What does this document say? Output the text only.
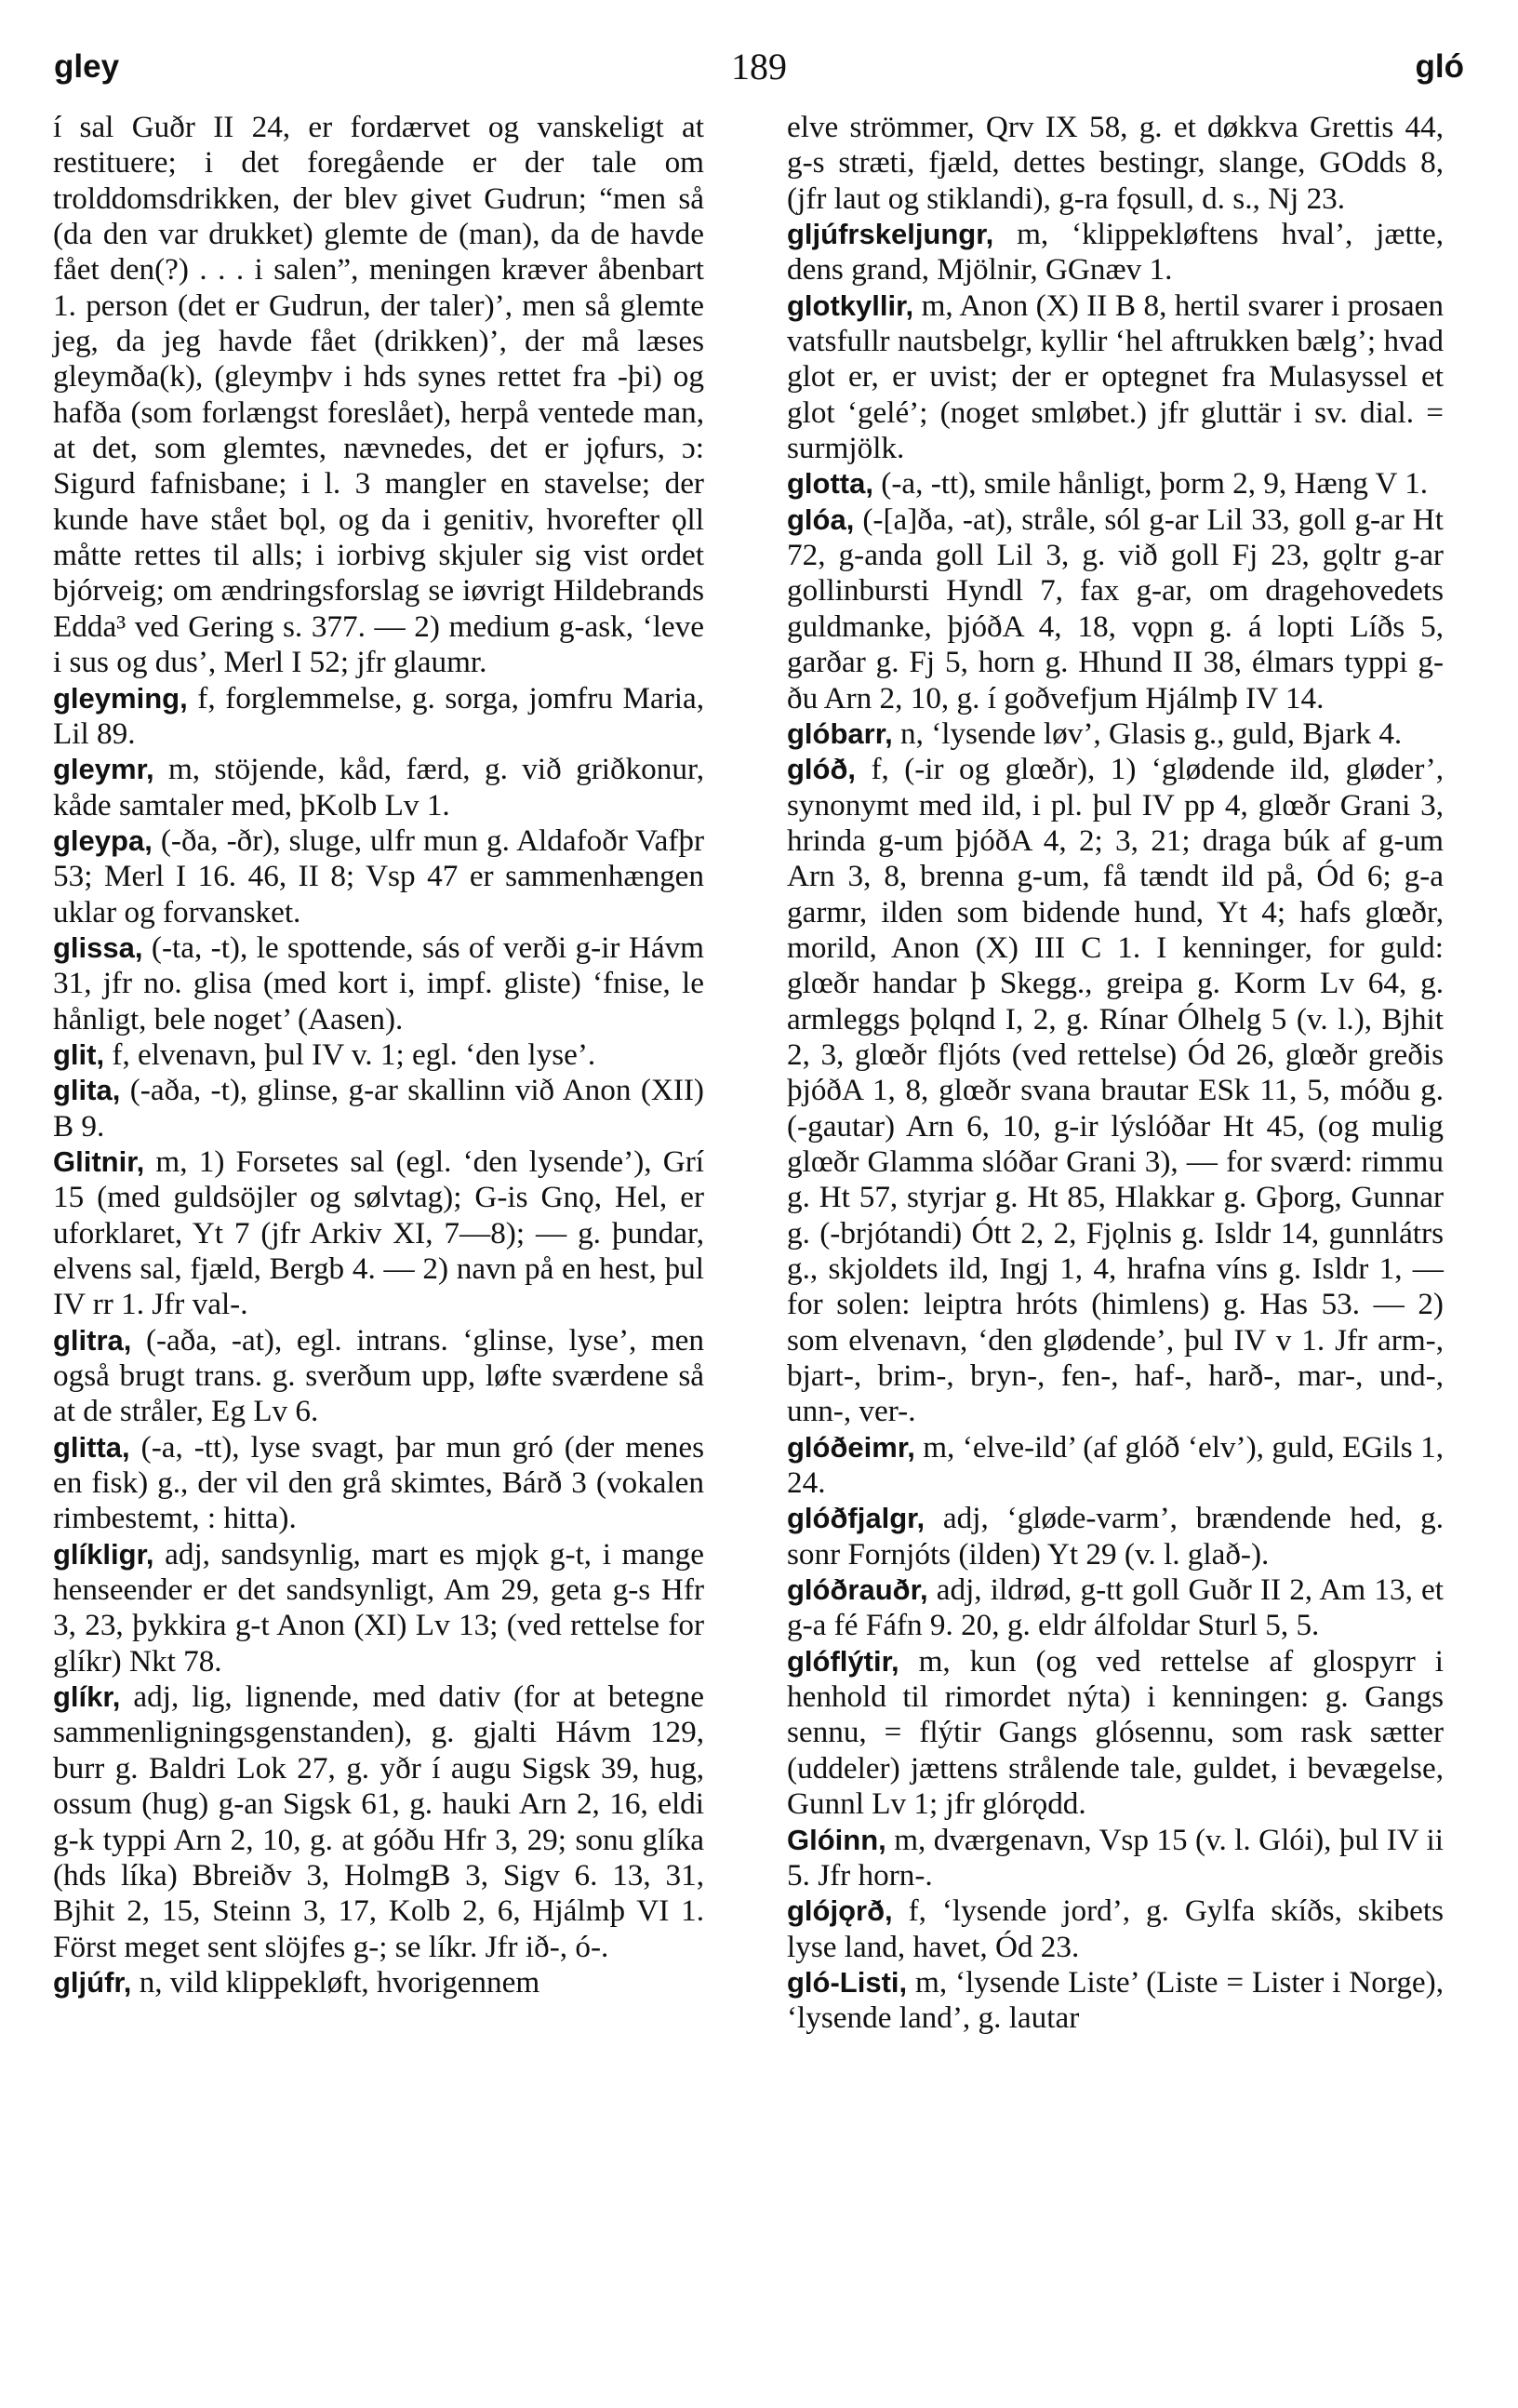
gley	189	gló

í sal Guðr II 24, er fordærvet og vanskeligt at restituere; i det foregående er der tale om trolddomsdrikken, der blev givet Gudrun; “men så (da den var drukket) glemte de (man), da de havde fået den(?) . . . i salen”, meningen kræver åbenbart 1. person (det er Gudrun, der taler)’, men så glemte jeg, da jeg havde fået (drikken)’, der må læses gleymða(k), (gleymþv i hds synes rettet fra -þi) og hafða (som forlængst foreslået), herpå ventede man, at det, som glemtes, nævnedes, det er jǫfurs, ɔ: Sigurd fafnisbane; i l. 3 mangler en stavelse; der kunde have stået bǫl, og da i genitiv, hvorefter ǫll måtte rettes til alls; i iorbivg skjuler sig vist ordet bjórveig; om ændringsforslag se iøvrigt Hildebrands Edda³ ved Gering s. 377. — 2) medium g-ask, ‘leve i sus og dus’, Merl I 52; jfr glaumr.

gleyming, f, forglemmelse, g. sorga, jomfru Maria, Lil 89.

gleymr, m, stöjende, kåd, færd, g. við griðkonur, kåde samtaler med, þKolb Lv 1.

gleypa, (-ða, -ðr), sluge, ulfr mun g. Aldafoðr Vafþr 53; Merl I 16. 46, II 8; Vsp 47 er sammenhængen uklar og forvansket.

glissa, (-ta, -t), le spottende, sás of verði g-ir Hávm 31, jfr no. glisa (med kort i, impf. gliste) ‘fnise, le hånligt, bele noget’ (Aasen).

glit, f, elvenavn, þul IV v. 1; egl. ‘den lyse’.

glita, (-aða, -t), glinse, g-ar skallinn við Anon (XII) B 9.

Glitnir, m, 1) Forsetes sal (egl. ‘den lysende’), Grí 15 (med guldsöjler og sølvtag); G-is Gnǫ, Hel, er uforklaret, Yt 7 (jfr Arkiv XI, 7—8); — g. þundar, elvens sal, fjæld, Bergb 4. — 2) navn på en hest, þul IV rr 1. Jfr val-.

glitra, (-aða, -at), egl. intrans. ‘glinse, lyse’, men også brugt trans. g. sverðum upp, løfte sværdene så at de stråler, Eg Lv 6.

glitta, (-a, -tt), lyse svagt, þar mun gró (der menes en fisk) g., der vil den grå skimtes, Bárð 3 (vokalen rimbestemt, : hitta).

glíkligr, adj, sandsynlig, mart es mjǫk g-t, i mange henseender er det sandsynligt, Am 29, geta g-s Hfr 3, 23, þykkira g-t Anon (XI) Lv 13; (ved rettelse for glíkr) Nkt 78.

glíkr, adj, lig, lignende, med dativ (for at betegne sammenligningsgenstanden), g. gjalti Hávm 129, burr g. Baldri Lok 27, g. yðr í augu Sigsk 39, hug, ossum (hug) g-an Sigsk 61, g. hauki Arn 2, 16, eldi g-k typpi Arn 2, 10, g. at góðu Hfr 3, 29; sonu glíka (hds líka) Bbreiðv 3, HolmgB 3, Sigv 6. 13, 31, Bjhit 2, 15, Steinn 3, 17, Kolb 2, 6, Hjálmþ VI 1. Först meget sent slöjfes g-; se líkr. Jfr ið-, ó-.

gljúfr, n, vild klippekløft, hvorigennem

elve strömmer, Qrv IX 58, g. et døkkva Grettis 44, g-s stræti, fjæld, dettes bestingr, slange, GOdds 8, (jfr laut og stiklandi), g-ra fǫsull, d. s., Nj 23.

gljúfrskeljungr, m, ‘klippekløftens hval’, jætte, dens grand, Mjölnir, GGnæv 1.

glotkyllir, m, Anon (X) II B 8, hertil svarer i prosaen vatsfullr nautsbelgr, kyllir ‘hel aftrukken bælg’; hvad glot er, er uvist; der er optegnet fra Mulasyssel et glot ‘gelé’; (noget smløbet.) jfr gluttär i sv. dial. = surmjölk.

glotta, (-a, -tt), smile hånligt, þorm 2, 9, Hæng V 1.

glóa, (-[a]ða, -at), stråle, sól g-ar Lil 33, goll g-ar Ht 72, g-anda goll Lil 3, g. við goll Fj 23, gǫltr g-ar gollinbursti Hyndl 7, fax g-ar, om dragehovedets guldmanke, þjóðA 4, 18, vǫpn g. á lopti Líðs 5, garðar g. Fj 5, horn g. Hhund II 38, élmars typpi g-ðu Arn 2, 10, g. í goðvefjum Hjálmþ IV 14.

glóbarr, n, ‘lysende løv’, Glasis g., guld, Bjark 4.

glóð, f, (-ir og glœðr), 1) ‘glødende ild, gløder’, synonymt med ild, i pl. þul IV pp 4, glœðr Grani 3, hrinda g-um þjóðA 4, 2; 3, 21; draga búk af g-um Arn 3, 8, brenna g-um, få tændt ild på, Ód 6; g-a garmr, ilden som bidende hund, Yt 4; hafs glœðr, morild, Anon (X) III C 1. I kenninger, for guld: glœðr handar þ Skegg., greipa g. Korm Lv 64, g. armleggs þǫlqnd I, 2, g. Rínar Ólhelg 5 (v. l.), Bjhit 2, 3, glœðr fljóts (ved rettelse) Ód 26, glœðr greðis þjóðA 1, 8, glœðr svana brautar ESk 11, 5, móðu g. (-gautar) Arn 6, 10, g-ir lýslóðar Ht 45, (og mulig glœðr Glamma slóðar Grani 3), — for sværd: rimmu g. Ht 57, styrjar g. Ht 85, Hlakkar g. Gþorg, Gunnar g. (-brjótandi) Ótt 2, 2, Fjǫlnis g. Isldr 14, gunnlátrs g., skjoldets ild, Ingj 1, 4, hrafna víns g. Isldr 1, — for solen: leiptra hróts (himlens) g. Has 53. — 2) som elvenavn, ‘den glødende’, þul IV v 1. Jfr arm-, bjart-, brim-, bryn-, fen-, haf-, harð-, mar-, und-, unn-, ver-.

glóðeimr, m, ‘elve-ild’ (af glóð ‘elv’), guld, EGils 1, 24.

glóðfjalgr, adj, ‘gløde-varm’, brændende hed, g. sonr Fornjóts (ilden) Yt 29 (v. l. glað-).

glóðrauðr, adj, ildrød, g-tt goll Guðr II 2, Am 13, et g-a fé Fáfn 9. 20, g. eldr álfoldar Sturl 5, 5.

glóflýtir, m, kun (og ved rettelse af glospyrr i henhold til rimordet nýta) i kenningen: g. Gangs sennu, = flýtir Gangs glósennu, som rask sætter (uddeler) jættens strålende tale, guldet, i bevægelse, Gunnl Lv 1; jfr glórǫdd.

Glóinn, m, dværgenavn, Vsp 15 (v. l. Glói), þul IV ii 5. Jfr horn-.

glójǫrð, f, ‘lysende jord’, g. Gylfa skíðs, skibets lyse land, havet, Ód 23.

gló-Listi, m, ‘lysende Liste’ (Liste = Lister i Norge), ‘lysende land’, g. lautar
